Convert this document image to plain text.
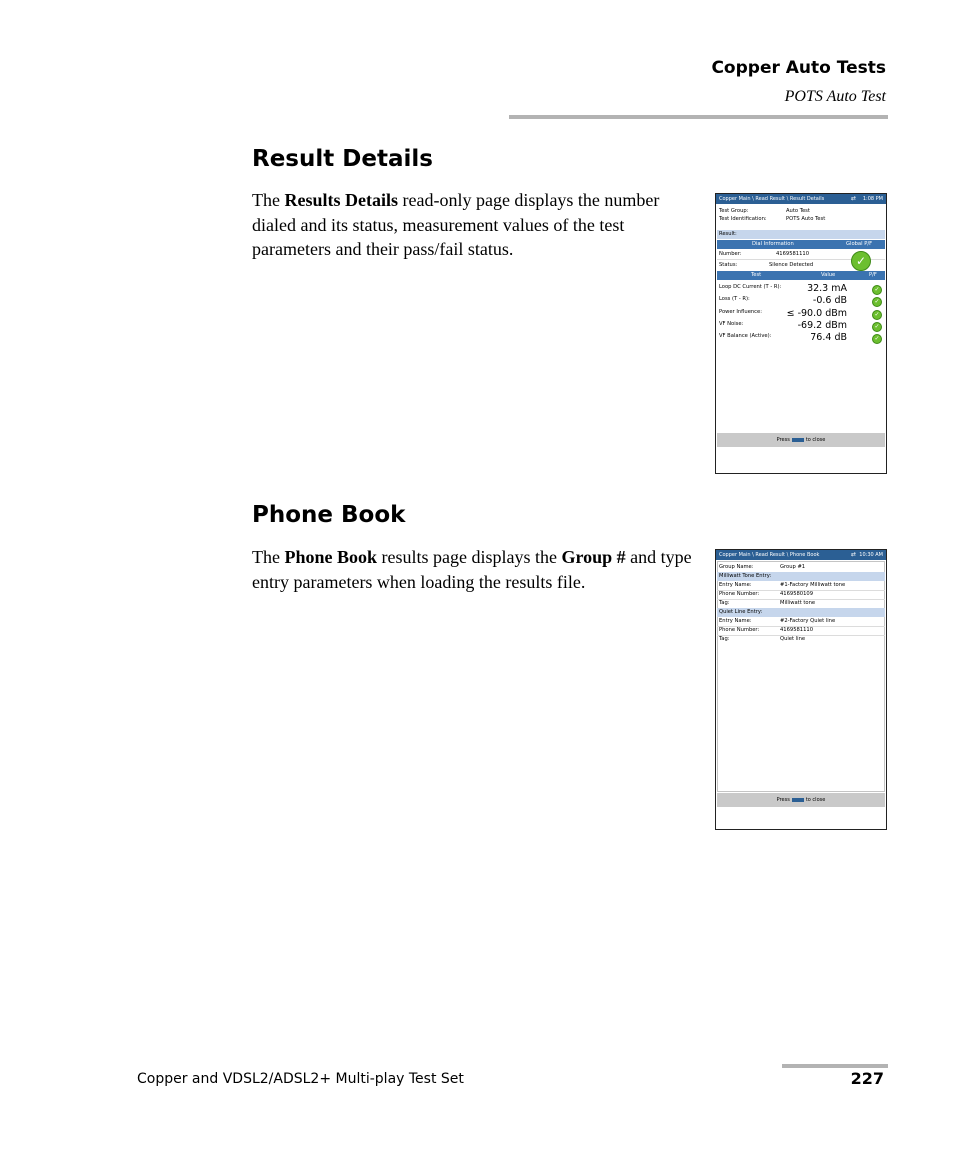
Copper Auto Tests
POTS Auto Test
Result Details

The Results Details read-only page displays the number dialed and its status, measurement values of the test parameters and their pass/fail status.

Copper Main \ Read Result \ Result Details	⇄ 1:08 PM
Test Group:	Auto Test
Test Identification:	POTS Auto Test
Result:
Dial Information	Global P/F
Number:	4169581110
Status:	Silence Detected	✓
Test	Value	P/F
Loop DC Current (T - R):	32.3 mA	✓
Loss (T - R):	-0.6 dB	✓
Power Influence:	≤ -90.0 dBm	✓
VF Noise:	-69.2 dBm	✓
VF Balance (Active):	76.4 dB	✓
Press	to close
Phone Book

The Phone Book results page displays the Group # and type entry parameters when loading the results file.

Copper Main \ Read Result \ Phone Book	⇄ 10:30 AM
Group Name:	Group #1
Milliwatt Tone Entry:
Entry Name:	#1-Factory Milliwatt tone
Phone Number:	4169580109
Tag:	Milliwatt tone
Quiet Line Entry:
Entry Name:	#2-Factory Quiet line
Phone Number:	4169581110
Tag:	Quiet line
Press	to close
Copper and VDSL2/ADSL2+ Multi-play Test Set	227
